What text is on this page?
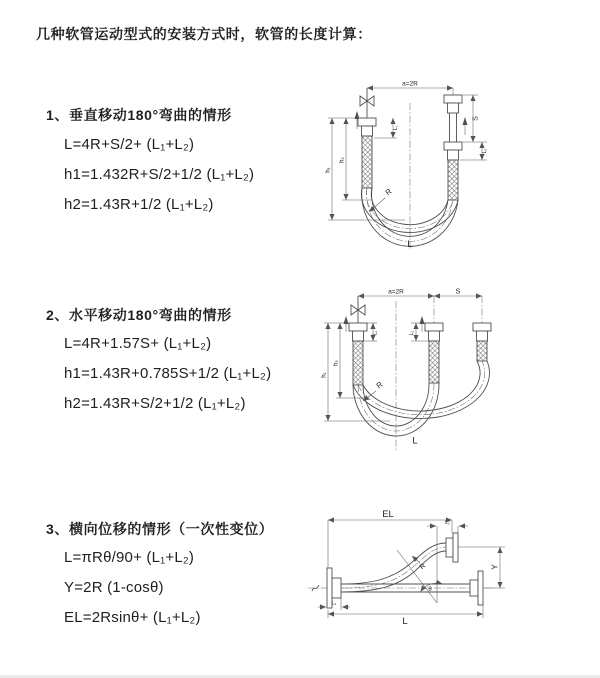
几种软管运动型式的安装方式时，软管的长度计算：
1、垂直移动180°弯曲的情形
L=4R+S/2+ (L₁+L₂)
h1=1.432R+S/2+1/2 (L₁+L₂)
h2=1.43R+1/2 (L₁+L₂)
2、水平移动180°弯曲的情形
L=4R+1.57S+ (L₁+L₂)
h1=1.43R+0.785S+1/2 (L₁+L₂)
h2=1.43R+S/2+1/2 (L₁+L₂)
3、横向位移的情形（一次性变位）
L=πRθ/90+ (L₁+L₂)
Y=2R (1-cosθ)
EL=2Rsinθ+ (L₁+L₂)
a=2R
S
L₁
L₂
h₁
h₂
R
L
a=2R	S
L₁	L₂
h₁
h₂
R
L
EL
L₂
Y
θ
R
L
L₁
